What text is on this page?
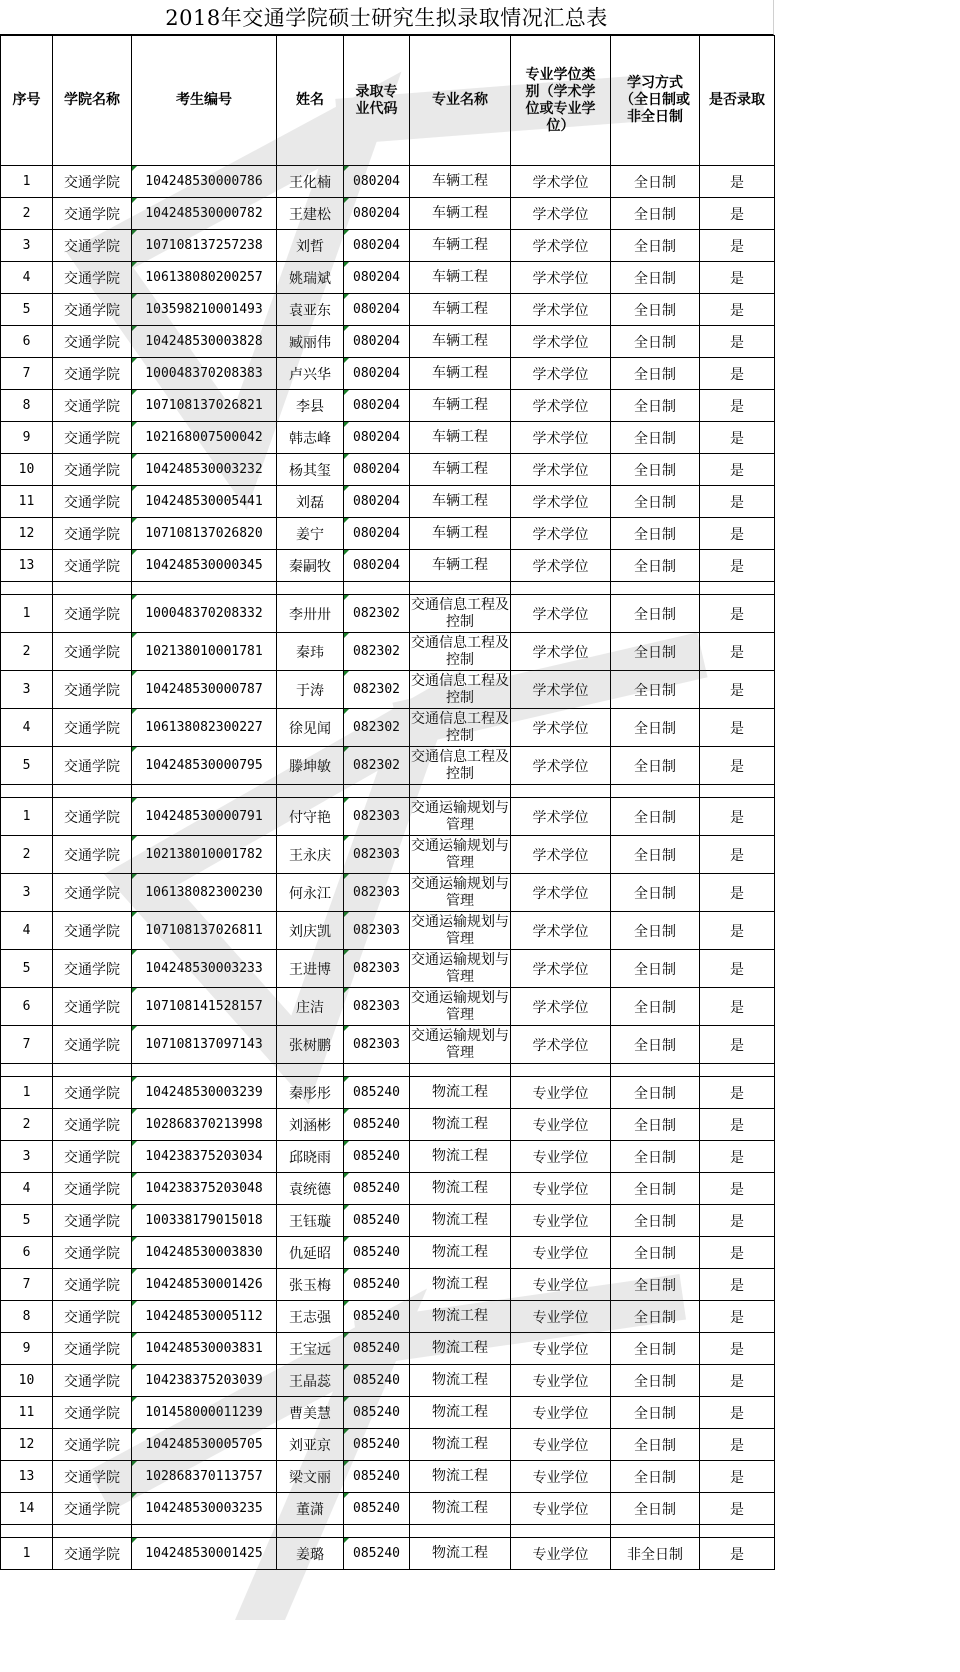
2018年交通学院硕士研究生拟录取情况汇总表
序号	学院名称	考生编号	姓名	录取专业代码	专业名称	专业学位类别（学术学位或专业学位）	学习方式（全日制或非全日制	是否录取
1	交通学院	104248530000786	王化楠	080204	车辆工程	学术学位	全日制	是
2	交通学院	104248530000782	王建松	080204	车辆工程	学术学位	全日制	是
3	交通学院	107108137257238	刘哲	080204	车辆工程	学术学位	全日制	是
4	交通学院	106138080200257	姚瑞斌	080204	车辆工程	学术学位	全日制	是
5	交通学院	103598210001493	袁亚东	080204	车辆工程	学术学位	全日制	是
6	交通学院	104248530003828	臧丽伟	080204	车辆工程	学术学位	全日制	是
7	交通学院	100048370208383	卢兴华	080204	车辆工程	学术学位	全日制	是
8	交通学院	107108137026821	李县	080204	车辆工程	学术学位	全日制	是
9	交通学院	102168007500042	韩志峰	080204	车辆工程	学术学位	全日制	是
10	交通学院	104248530003232	杨其玺	080204	车辆工程	学术学位	全日制	是
11	交通学院	104248530005441	刘磊	080204	车辆工程	学术学位	全日制	是
12	交通学院	107108137026820	姜宁	080204	车辆工程	学术学位	全日制	是
13	交通学院	104248530000345	秦嗣牧	080204	车辆工程	学术学位	全日制	是

1	交通学院	100048370208332	李卅卅	082302	交通信息工程及控制	学术学位	全日制	是
2	交通学院	102138010001781	秦玮	082302	交通信息工程及控制	学术学位	全日制	是
3	交通学院	104248530000787	于涛	082302	交通信息工程及控制	学术学位	全日制	是
4	交通学院	106138082300227	徐见闻	082302	交通信息工程及控制	学术学位	全日制	是
5	交通学院	104248530000795	滕坤敏	082302	交通信息工程及控制	学术学位	全日制	是

1	交通学院	104248530000791	付守艳	082303	交通运输规划与管理	学术学位	全日制	是
2	交通学院	102138010001782	王永庆	082303	交通运输规划与管理	学术学位	全日制	是
3	交通学院	106138082300230	何永江	082303	交通运输规划与管理	学术学位	全日制	是
4	交通学院	107108137026811	刘庆凯	082303	交通运输规划与管理	学术学位	全日制	是
5	交通学院	104248530003233	王进博	082303	交通运输规划与管理	学术学位	全日制	是
6	交通学院	107108141528157	庄洁	082303	交通运输规划与管理	学术学位	全日制	是
7	交通学院	107108137097143	张树鹏	082303	交通运输规划与管理	学术学位	全日制	是

1	交通学院	104248530003239	秦彤彤	085240	物流工程	专业学位	全日制	是
2	交通学院	102868370213998	刘涵彬	085240	物流工程	专业学位	全日制	是
3	交通学院	104238375203034	邱晓雨	085240	物流工程	专业学位	全日制	是
4	交通学院	104238375203048	袁统德	085240	物流工程	专业学位	全日制	是
5	交通学院	100338179015018	王钰璇	085240	物流工程	专业学位	全日制	是
6	交通学院	104248530003830	仇延昭	085240	物流工程	专业学位	全日制	是
7	交通学院	104248530001426	张玉梅	085240	物流工程	专业学位	全日制	是
8	交通学院	104248530005112	王志强	085240	物流工程	专业学位	全日制	是
9	交通学院	104248530003831	王宝远	085240	物流工程	专业学位	全日制	是
10	交通学院	104238375203039	王晶蕊	085240	物流工程	专业学位	全日制	是
11	交通学院	101458000011239	曹美慧	085240	物流工程	专业学位	全日制	是
12	交通学院	104248530005705	刘亚京	085240	物流工程	专业学位	全日制	是
13	交通学院	102868370113757	梁文丽	085240	物流工程	专业学位	全日制	是
14	交通学院	104248530003235	董潇	085240	物流工程	专业学位	全日制	是

1	交通学院	104248530001425	姜璐	085240	物流工程	专业学位	非全日制	是
